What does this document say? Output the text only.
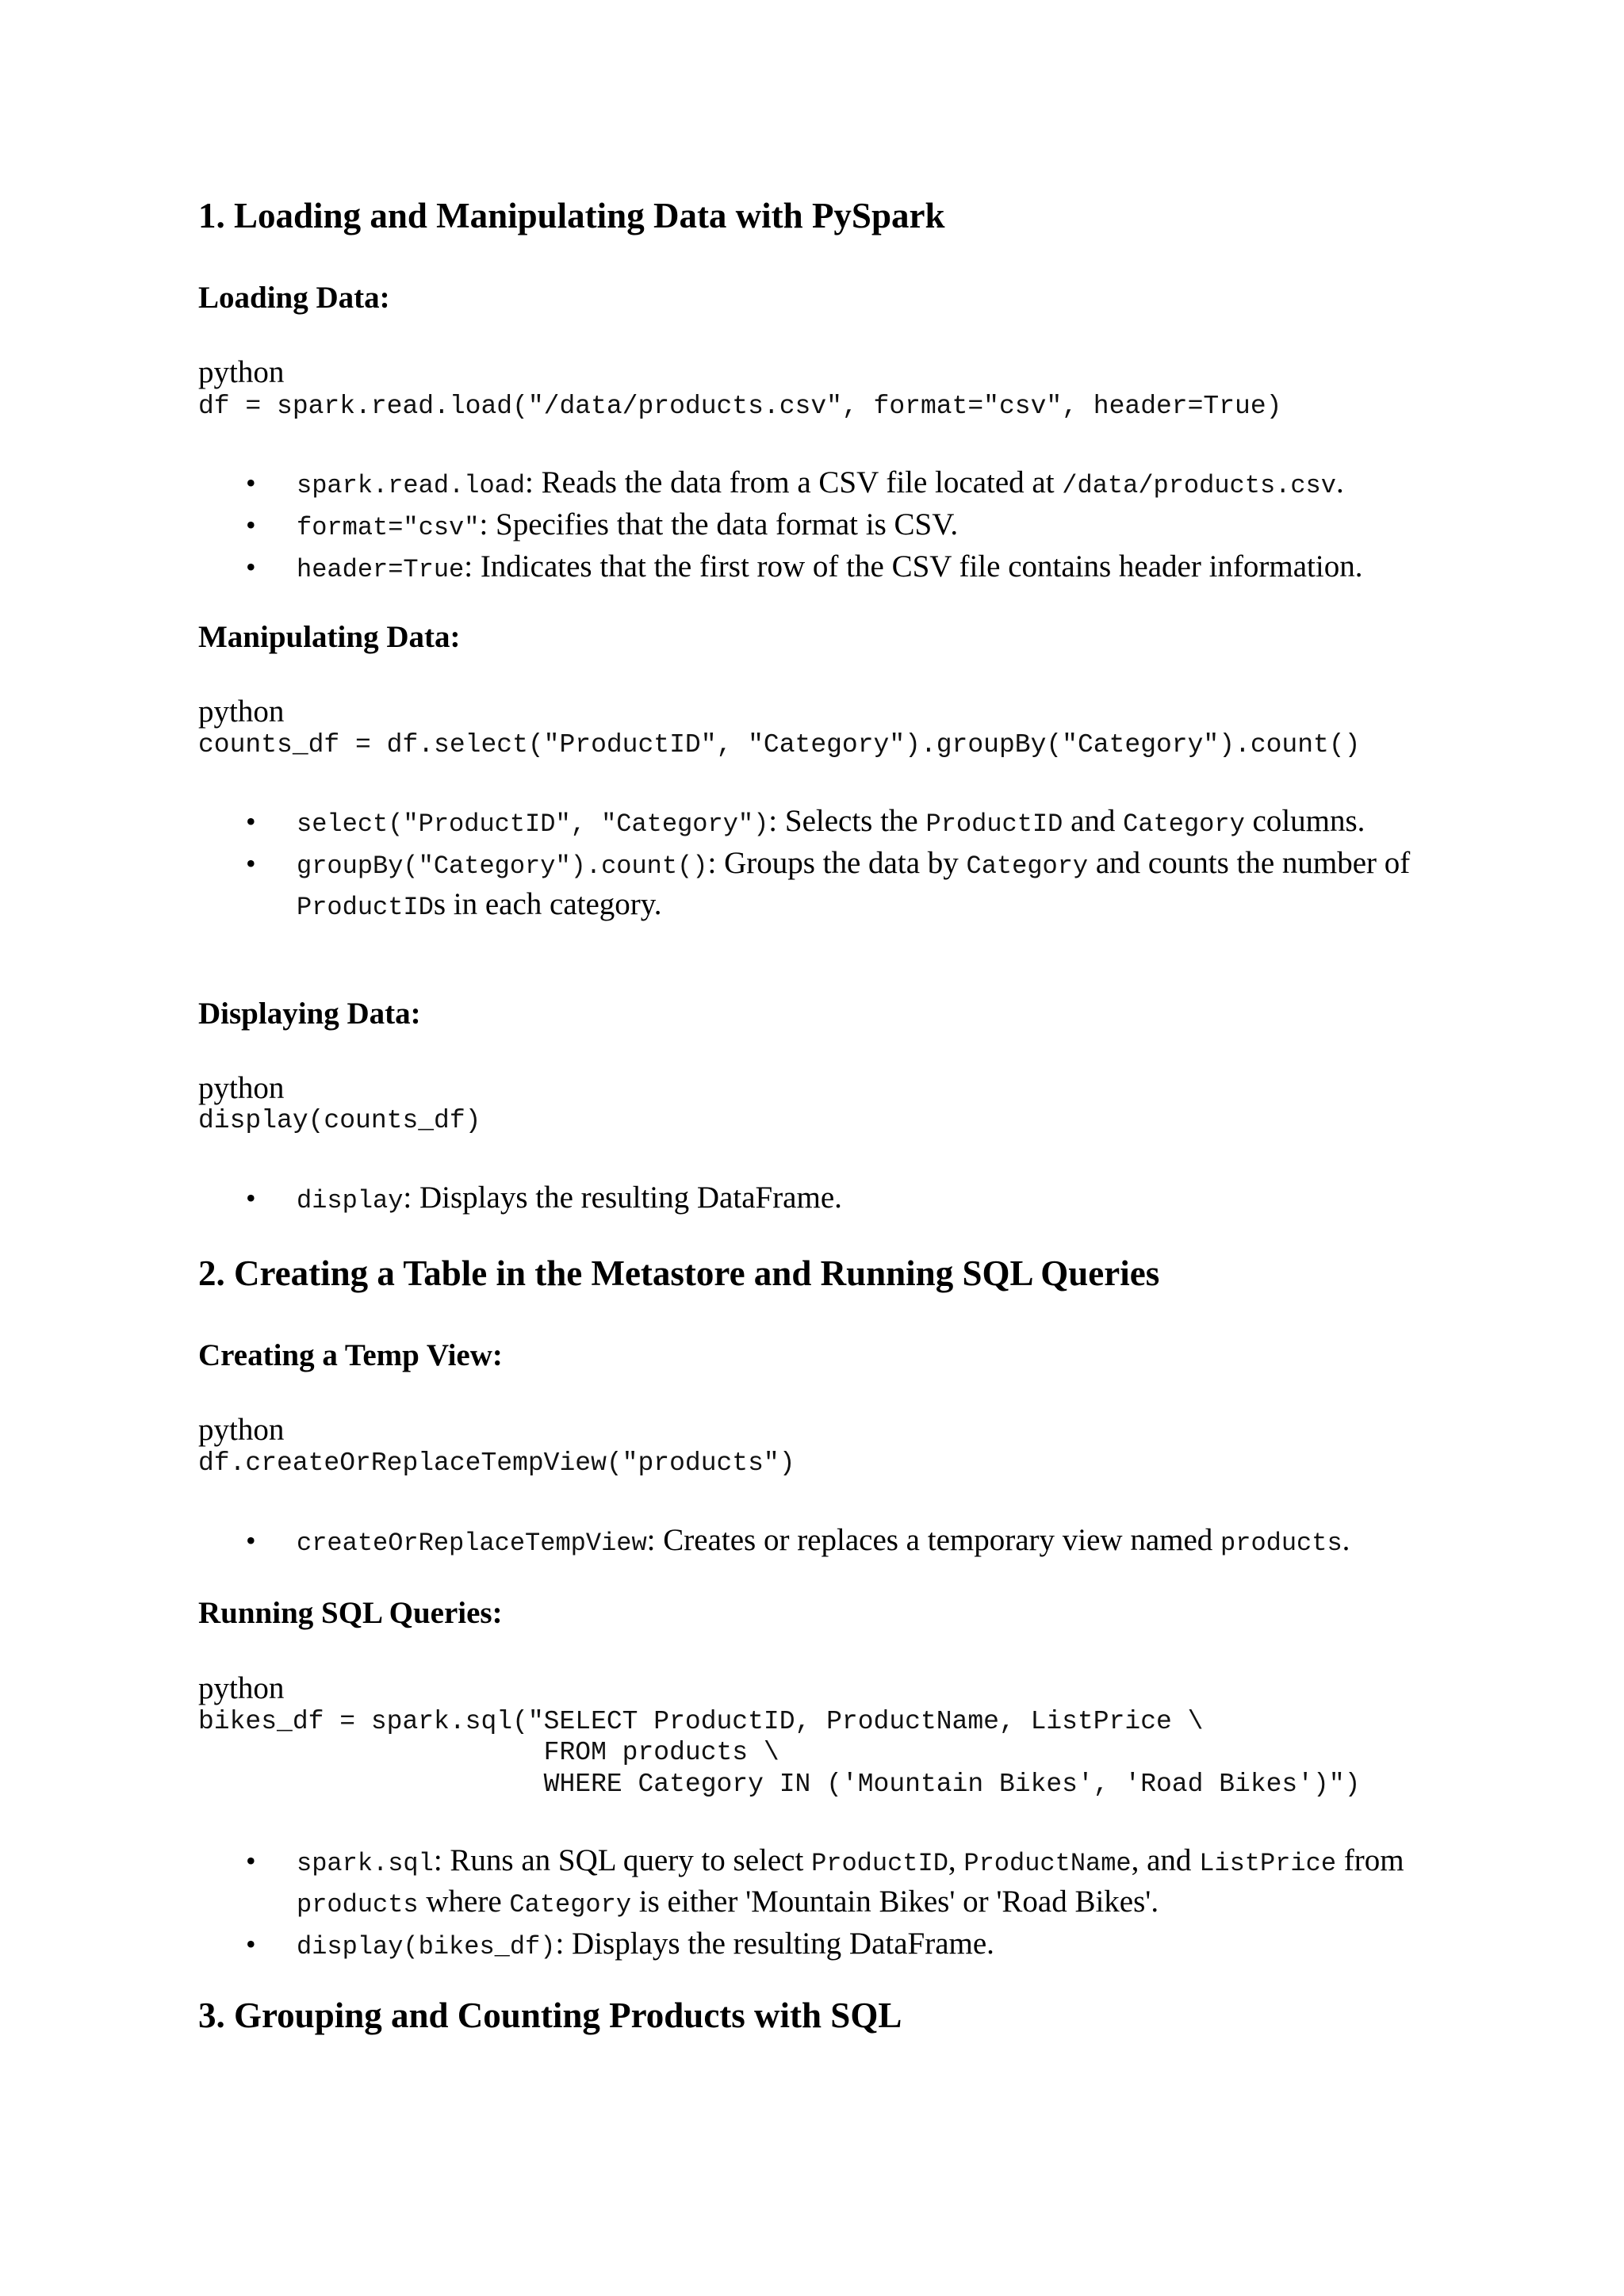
1. Loading and Manipulating Data with PySpark
Loading Data:
python
df = spark.read.load("/data/products.csv", format="csv", header=True)
• spark.read.load: Reads the data from a CSV file located at /data/products.csv.
• format="csv": Specifies that the data format is CSV.
• header=True: Indicates that the first row of the CSV file contains header information.
Manipulating Data:
python
counts_df = df.select("ProductID", "Category").groupBy("Category").count()
• select("ProductID", "Category"): Selects the ProductID and Category columns.
• groupBy("Category").count(): Groups the data by Category and counts the number of ProductIDs in each category.
Displaying Data:
python
display(counts_df)
• display: Displays the resulting DataFrame.
2. Creating a Table in the Metastore and Running SQL Queries
Creating a Temp View:
python
df.createOrReplaceTempView("products")
• createOrReplaceTempView: Creates or replaces a temporary view named products.
Running SQL Queries:
python
bikes_df = spark.sql("SELECT ProductID, ProductName, ListPrice \
FROM products \
WHERE Category IN ('Mountain Bikes', 'Road Bikes')")
• spark.sql: Runs an SQL query to select ProductID, ProductName, and ListPrice from products where Category is either 'Mountain Bikes' or 'Road Bikes'.
• display(bikes_df): Displays the resulting DataFrame.
3. Grouping and Counting Products with SQL
